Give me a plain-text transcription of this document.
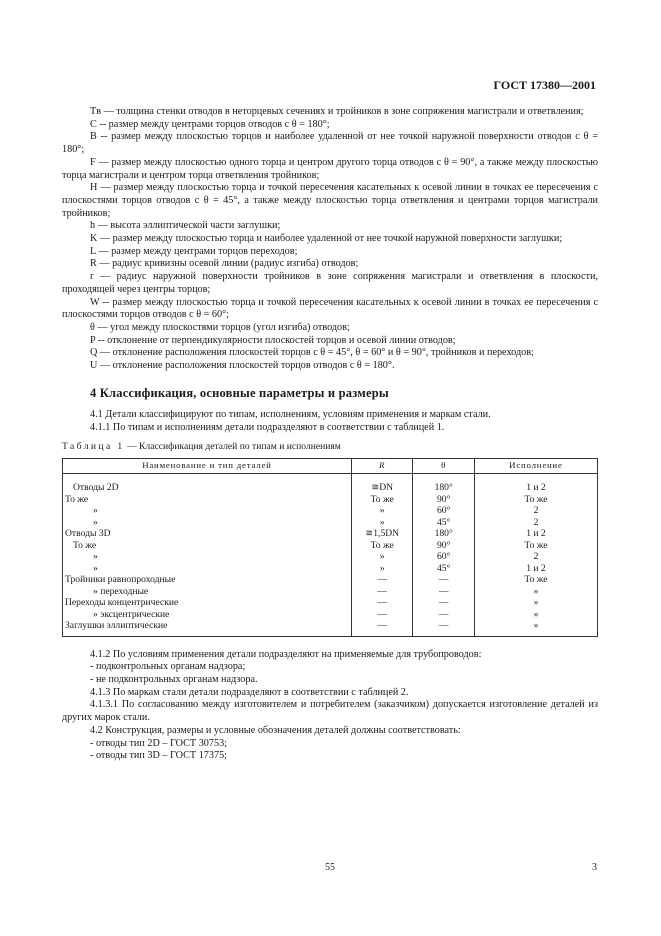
ГОСТ 17380—2001
Tв — толщина стенки отводов в неторцевых сечениях и тройников в зоне сопряжения магистрали и ответвления;
C -- размер между центрами торцов отводов с θ = 180°;
B -- размер между плоскостью торцов и наиболее удаленной от нее точкой наружной поверхности отводов с θ = 180°;
F — размер между плоскостью одного торца и центром другого торца отводов с θ = 90°, а также между плоскостью торца магистрали и центром торца ответвления тройников;
H — размер между плоскостью торца и точкой пересечения касательных к осевой линии в точках ее пересечения с плоскостями торцов отводов с θ = 45°, а также между плоскостью торца ответвления и центрами торцов магистрали тройников;
h — высота эллиптической части заглушки;
K — размер между плоскостью торца и наиболее удаленной от нее точкой наружной поверхности заглушки;
L — размер между центрами торцов переходов;
R — радиус кривизны осевой линии (радиус изгиба) отводов;
r — радиус наружной поверхности тройников в зоне сопряжения магистрали и ответвления в плоскости, проходящей через центры торцов;
W -- размер между плоскостью торца и точкой пересечения касательных к осевой линии в точках ее пересечения с плоскостями торцов отводов с θ = 60°;
θ — угол между плоскостями торцов (угол изгиба) отводов;
P -- отклонение от перпендикулярности плоскостей торцов и осевой линии отводов;
Q — отклонение расположения плоскостей торцов с θ = 45°, θ = 60° и θ = 90°, тройников и переходов;
U — отклонение расположения плоскостей торцов отводов с θ = 180°.
4 Классификация, основные параметры и размеры
4.1 Детали классифицируют по типам, исполнениям, условиям применения и маркам стали.
4.1.1 По типам и исполнениям детали подразделяют в соответствии с таблицей 1.
Таблица 1 — Классификация деталей по типам и исполнениям
Наименование и тип деталей	R	θ	Исполнение
Отводы 2D	≅DN	180°	1 и 2
То же	То же	90°	То же
»	»	60°	2
»	»	45°	2
Отводы 3D	≅1,5DN	180°	1 и 2
То же	То же	90°	То же
»	»	60°	2
»	»	45°	1 и 2
Тройники равнопроходные	—	—	То же
» переходные	—	—	»
Переходы концентрические	—	—	»
» эксцентрические	—	—	»
Заглушки эллиптические	—	—	»
4.1.2 По условиям применения детали подразделяют на применяемые для трубопроводов:
- подконтрольных органам надзора;
- не подконтрольных органам надзора.
4.1.3 По маркам стали детали подразделяют в соответствии с таблицей 2.
4.1.3.1 По согласованию между изготовителем и потребителем (заказчиком) допускается изготовление деталей из других марок стали.
4.2 Конструкция, размеры и условные обозначения деталей должны соответствовать:
- отводы тип 2D – ГОСТ 30753;
- отводы тип 3D – ГОСТ 17375;
55	3
